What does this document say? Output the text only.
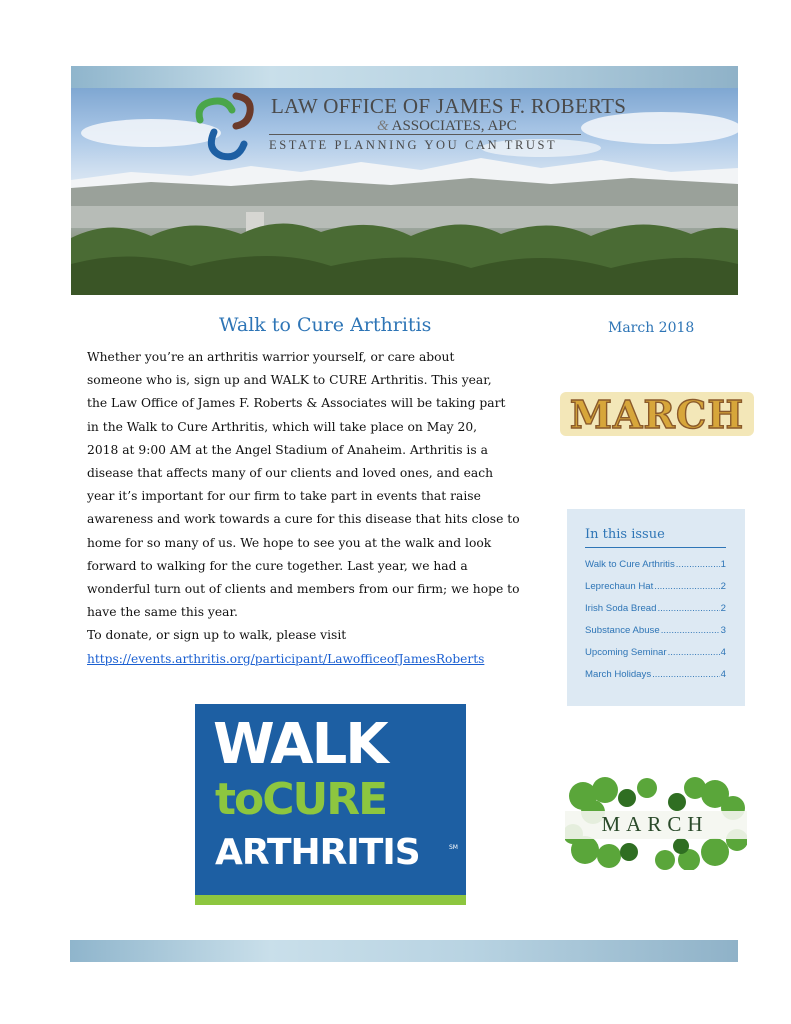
LAW OFFICE OF JAMES F. ROBERTS
& ASSOCIATES, APC
ESTATE PLANNING YOU CAN TRUST
Walk to Cure Arthritis	March 2018

Whether you’re an arthritis warrior yourself, or care about

someone who is, sign up and WALK to CURE Arthritis. This year,

the Law Office of James F. Roberts & Associates will be taking part

in the Walk to Cure Arthritis, which will take place on May 20,

2018 at 9:00 AM at the Angel Stadium of Anaheim. Arthritis is a

disease that affects many of our clients and loved ones, and each

year it’s important for our firm to take part in events that raise

awareness and work towards a cure for this disease that hits close to

home for so many of us. We hope to see you at the walk and look

forward to walking for the cure together. Last year, we had a

wonderful turn out of clients and members from our firm; we hope to

have the same this year.

To donate, or sign up to walk, please visit

https://events.arthritis.org/participant/LawofficeofJamesRoberts

MARCH
In this issue
Walk to Cure Arthritis .....	1
Leprechaun Hat .....	2
Irish Soda Bread .....	2
Substance Abuse .....	3
Upcoming Seminar .....	4
March Holidays .....	4
WALK
toCURE
ARTHRITIS	SM
MARCH
